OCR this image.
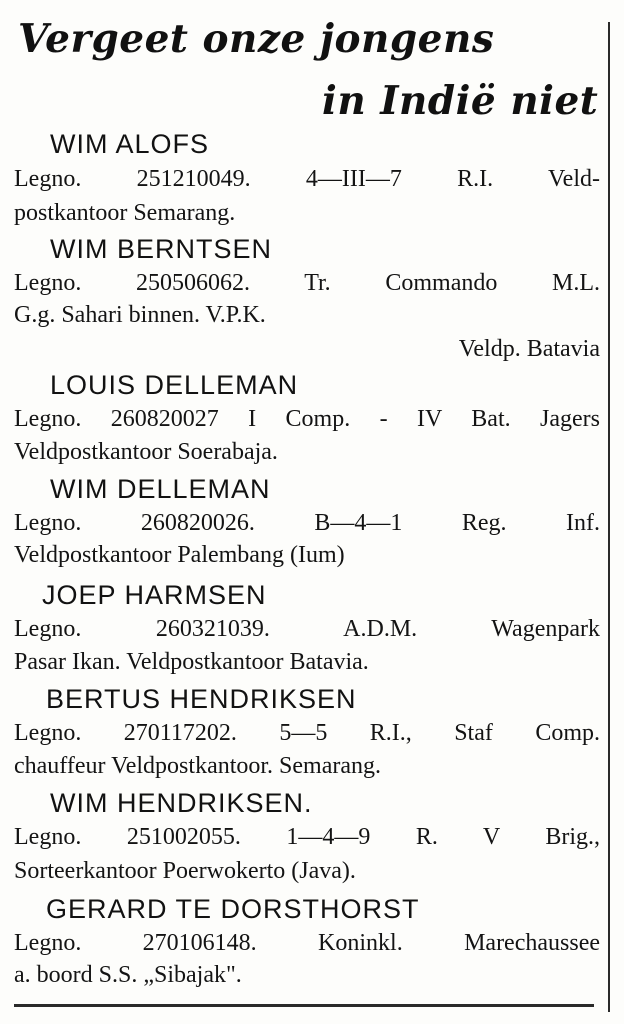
Vergeet onze jongens
in Indië niet
WIM ALOFS
Legno. 251210049. 4—III—7 R.I. Veld-
postkantoor Semarang.
WIM BERNTSEN
Legno. 250506062. Tr. Commando M.L.
G.g. Sahari binnen. V.P.K.
Veldp. Batavia
LOUIS DELLEMAN
Legno. 260820027 I Comp. - IV Bat. Jagers
Veldpostkantoor Soerabaja.
WIM DELLEMAN
Legno. 260820026. B—4—1 Reg. Inf.
Veldpostkantoor Palembang (Ium)
JOEP HARMSEN
Legno. 260321039. A.D.M. Wagenpark
Pasar Ikan. Veldpostkantoor Batavia.
BERTUS HENDRIKSEN
Legno. 270117202. 5—5 R.I., Staf Comp.
chauffeur Veldpostkantoor. Semarang.
WIM HENDRIKSEN.
Legno. 251002055. 1—4—9 R. V Brig.,
Sorteerkantoor Poerwokerto (Java).
GERARD TE DORSTHORST
Legno. 270106148. Koninkl. Marechaussee
a. boord S.S. „Sibajak".
